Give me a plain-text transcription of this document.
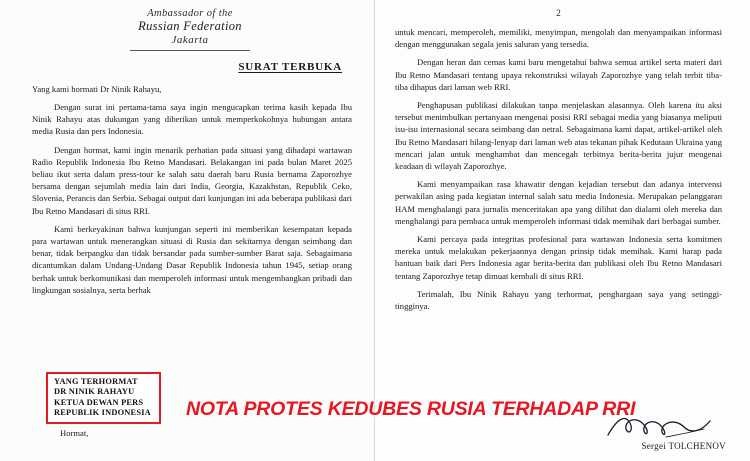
Ambassador of the
Russian Federation
Jakarta
SURAT TERBUKA

Yang kami hormati Dr Ninik Rahayu,

Dengan surat ini pertama-tama saya ingin mengucapkan terima kasih kepada Ibu Ninik Rahayu atas dukungan yang diberikan untuk memperkokohnya hubungan antara media Rusia dan pers Indonesia.

Dengan hormat, kami ingin menarik perhatian pada situasi yang dihadapi wartawan Radio Republik Indonesia Ibu Retno Mandasari. Belakangan ini pada bulan Maret 2025 beliau ikut serta dalam press-tour ke salah satu daerah baru Rusia bernama Zaporozhye bersama dengan sejumlah media lain dari India, Georgia, Kazakhstan, Republik Ceko, Slovenia, Perancis dan Serbia. Sebagai output dari kunjungan ini ada beberapa publikasi dari Ibu Retno Mandasari di situs RRI.

Kami berkeyakinan bahwa kunjungan seperti ini memberikan kesempatan kepada para wartawan untuk menerangkan situasi di Rusia dan sekitarnya dengan seimbang dan benar, tidak berpangku dan tidak bersandar pada sumber-sumber Barat saja. Sebagaimana dicantumkan dalam Undang-Undang Dasar Republik Indonesia tahun 1945, setiap orang berhak untuk berkomunikasi dan memperoleh informasi untuk mengembangkan pribadi dan lingkungan sosialnya, serta berhak

YANG TERHORMAT
DR NINIK RAHAYU
KETUA DEWAN PERS
REPUBLIK INDONESIA
Hormat,
2

untuk mencari, memperoleh, memiliki, menyimpan, mengolah dan menyampaikan informasi dengan menggunakan segala jenis saluran yang tersedia.

Dengan heran dan cemas kami baru mengetahui bahwa semua artikel serta materi dari Ibu Retno Mandasari tentang upaya rekonstruksi wilayah Zaporozhye yang telah terbit tiba-tiba dihapus dari laman web RRI.

Penghapusan publikasi dilakukan tanpa menjelaskan alasannya. Oleh karena itu aksi tersebut menimbulkan pertanyaan mengenai posisi RRI sebagai media yang biasanya meliputi isu-isu internasional secara seimbang dan netral. Sebagaimana kami dapat, artikel-artikel oleh Ibu Retno Mandasari hilang-lenyap dari laman web atas tekanan pihak Kedutaan Ukraina yang mencari jalan untuk menghambat dan mencegah terbitnya berita-berita jujur mengenai keadaan di wilayah Zaporozhye.

Kami menyampaikan rasa khawatir dengan kejadian tersebut dan adanya intervensi perwakilan asing pada kegiatan internal salah satu media Indonesia. Merupakan pelanggaran HAM menghalangi para jurnalis menceritakan apa yang dilihat dan dialami oleh mereka dan menghalangi para pembaca untuk memperoleh informasi tidak memihak dari berbagai sumber.

Kami percaya pada integritas profesional para wartawan Indonesia serta komitmen mereka untuk melakukan pekerjaannya dengan prinsip tidak memihak. Kami harap pada bantuan baik dari Pers Indonesia agar berita-berita dan publikasi oleh Ibu Retno Mandasari tentang Zaporozhye tetap dimuat kembali di situs RRI.

Terimalah, Ibu Ninik Rahayu yang terhormat, penghargaan saya yang setinggi-tingginya.

Sergei TOLCHENOV
NOTA PROTES KEDUBES RUSIA TERHADAP RRI
